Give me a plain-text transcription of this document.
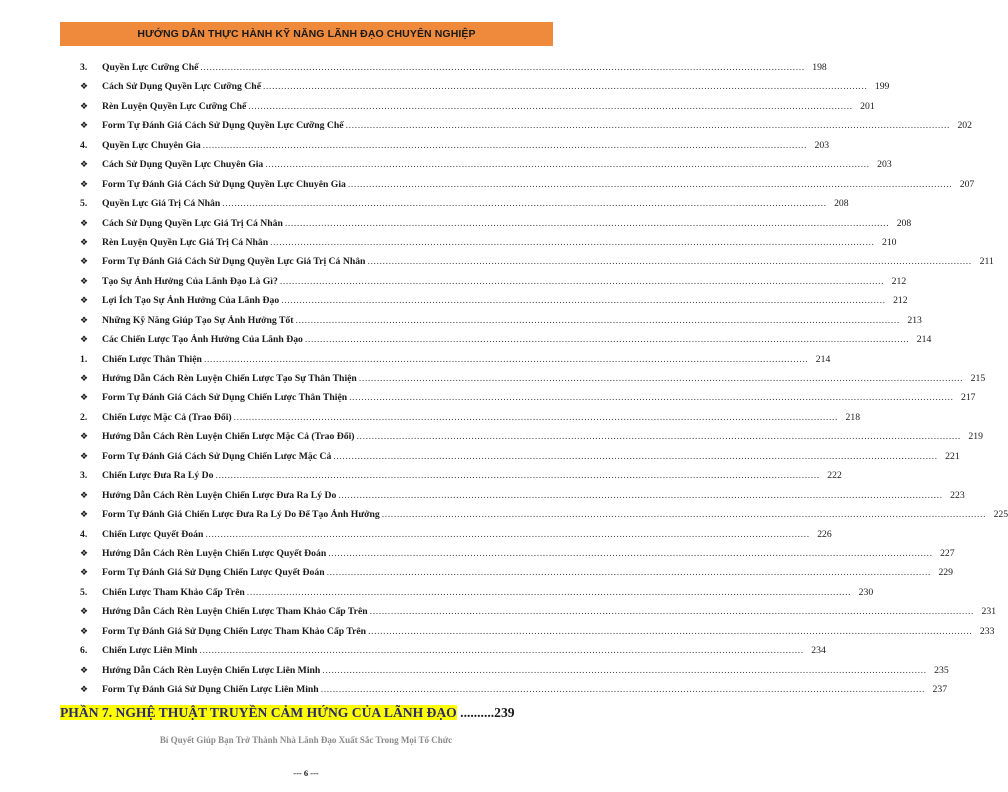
HƯỚNG DẪN THỰC HÀNH KỸ NĂNG LÃNH ĐẠO CHUYÊN NGHIỆP
3.	Quyền Lực Cưỡng Chế ........................................................................................................................................................................................................ 198
❖	Cách Sử Dụng Quyền Lực Cưỡng Chế ........................................................................................................................................................................................................ 199
❖	Rèn Luyện Quyền Lực Cưỡng Chế ........................................................................................................................................................................................................ 201
❖	Form Tự Đánh Giá Cách Sử Dụng Quyền Lực Cưỡng Chế ........................................................................................................................................................................................................ 202
4.	Quyền Lực Chuyên Gia ........................................................................................................................................................................................................ 203
❖	Cách Sử Dụng Quyền Lực Chuyên Gia ........................................................................................................................................................................................................ 203
❖	Form Tự Đánh Giá Cách Sử Dụng Quyền Lực Chuyên Gia ........................................................................................................................................................................................................ 207
5.	Quyền Lực Giá Trị Cá Nhân ........................................................................................................................................................................................................ 208
❖	Cách Sử Dụng Quyền Lực Giá Trị Cá Nhân ........................................................................................................................................................................................................ 208
❖	Rèn Luyện Quyền Lực Giá Trị Cá Nhân ........................................................................................................................................................................................................ 210
❖	Form Tự Đánh Giá Cách Sử Dụng Quyền Lực Giá Trị Cá Nhân ........................................................................................................................................................................................................ 211
❖	Tạo Sự Ảnh Hưởng Của Lãnh Đạo Là Gì? ........................................................................................................................................................................................................ 212
❖	Lợi Ích Tạo Sự Ảnh Hưởng Của Lãnh Đạo ........................................................................................................................................................................................................ 212
❖	Những Kỹ Năng Giúp Tạo Sự Ảnh Hưởng Tốt ........................................................................................................................................................................................................ 213
❖	Các Chiến Lược Tạo Ảnh Hưởng Của Lãnh Đạo ........................................................................................................................................................................................................ 214
1.	Chiến Lược Thân Thiện ........................................................................................................................................................................................................ 214
❖	Hướng Dẫn Cách Rèn Luyện Chiến Lược Tạo Sự Thân Thiện ........................................................................................................................................................................................................ 215
❖	Form Tự Đánh Giá Cách Sử Dụng Chiến Lược Thân Thiện ........................................................................................................................................................................................................ 217
2.	Chiến Lược Mặc Cả (Trao Đổi) ........................................................................................................................................................................................................ 218
❖	Hướng Dẫn Cách Rèn Luyện Chiến Lược Mặc Cả (Trao Đổi) ........................................................................................................................................................................................................ 219
❖	Form Tự Đánh Giá Cách Sử Dụng Chiến Lược Mặc Cả ........................................................................................................................................................................................................ 221
3.	Chiến Lược Đưa Ra Lý Do ........................................................................................................................................................................................................ 222
❖	Hướng Dẫn Cách Rèn Luyện Chiến Lược Đưa Ra Lý Do ........................................................................................................................................................................................................ 223
❖	Form Tự Đánh Giá Chiến Lược Đưa Ra Lý Do Để Tạo Ảnh Hưởng ........................................................................................................................................................................................................ 225
4.	Chiến Lược Quyết Đoán ........................................................................................................................................................................................................ 226
❖	Hướng Dẫn Cách Rèn Luyện Chiến Lược Quyết Đoán ........................................................................................................................................................................................................ 227
❖	Form Tự Đánh Giá Sử Dụng Chiến Lược Quyết Đoán ........................................................................................................................................................................................................ 229
5.	Chiến Lược Tham Khảo Cấp Trên ........................................................................................................................................................................................................ 230
❖	Hướng Dẫn Cách Rèn Luyện Chiến Lược Tham Khảo Cấp Trên ........................................................................................................................................................................................................ 231
❖	Form Tự Đánh Giá Sử Dụng Chiến Lược Tham Khảo Cấp Trên ........................................................................................................................................................................................................ 233
6.	Chiến Lược Liên Minh ........................................................................................................................................................................................................ 234
❖	Hướng Dẫn Cách Rèn Luyện Chiến Lược Liên Minh ........................................................................................................................................................................................................ 235
❖	Form Tự Đánh Giá Sử Dụng Chiến Lược Liên Minh ........................................................................................................................................................................................................ 237
PHẦN 7. NGHỆ THUẬT TRUYỀN CẢM HỨNG CỦA LÃNH ĐẠO ..........239
Bí Quyết Giúp Bạn Trở Thành Nhà Lãnh Đạo Xuất Sắc Trong Mọi Tổ Chức
--- 6 ---
